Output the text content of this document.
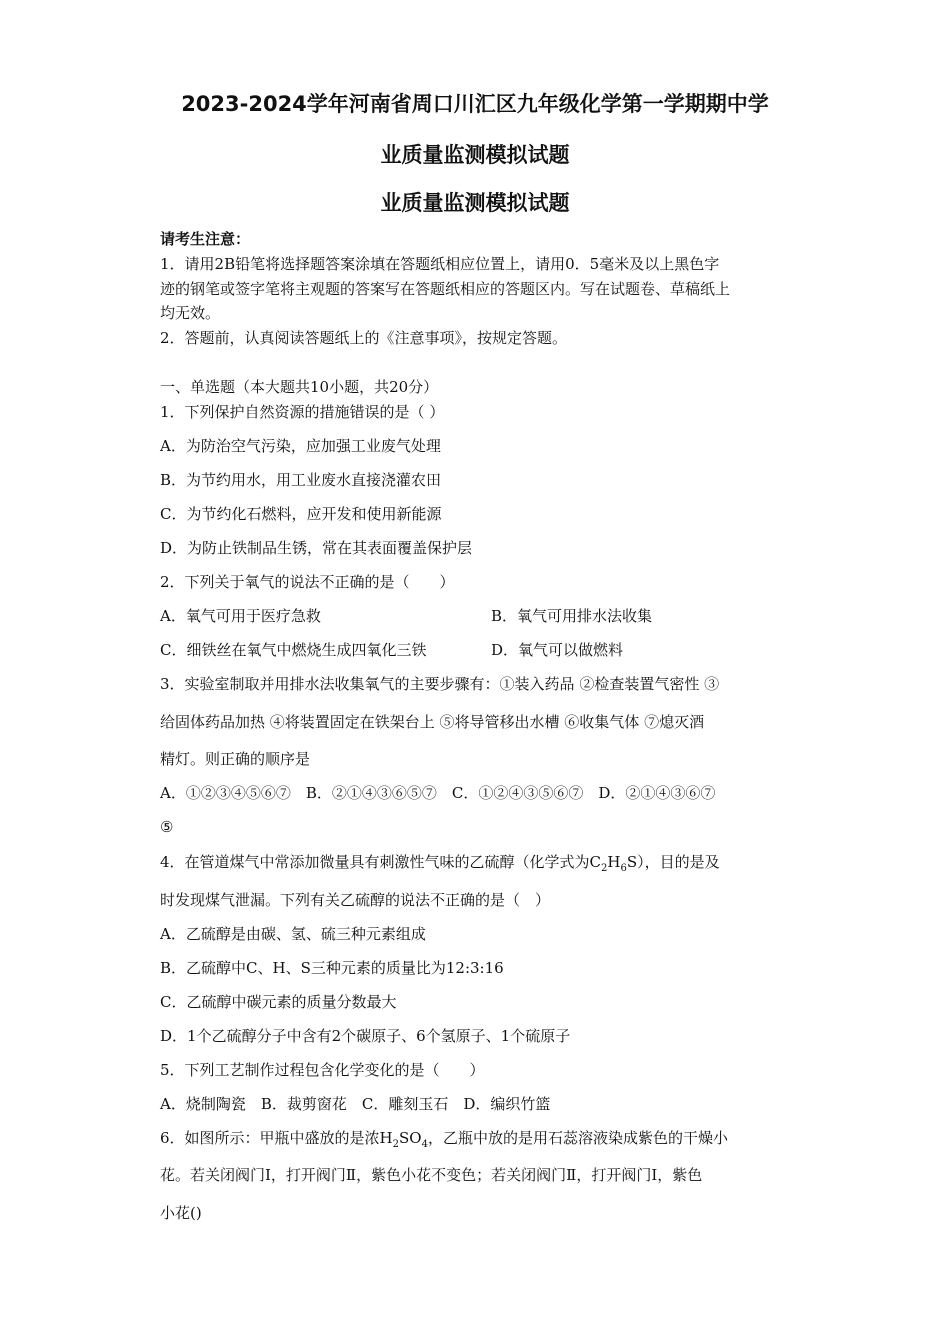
2023-2024学年河南省周口川汇区九年级化学第一学期期中学
业质量监测模拟试题
业质量监测模拟试题
请考生注意：
1．请用2B铅笔将选择题答案涂填在答题纸相应位置上，请用0．5毫米及以上黑色字
迹的钢笔或签字笔将主观题的答案写在答题纸相应的答题区内。写在试题卷、草稿纸上
均无效。
2．答题前，认真阅读答题纸上的《注意事项》，按规定答题。
一、单选题（本大题共10小题，共20分）
1．下列保护自然资源的措施错误的是（ ）
A．为防治空气污染，应加强工业废气处理
B．为节约用水，用工业废水直接浇灌农田
C．为节约化石燃料，应开发和使用新能源
D．为防止铁制品生锈，常在其表面覆盖保护层
2．下列关于氧气的说法不正确的是（　　）
A．氧气可用于医疗急救	B．氧气可用排水法收集
C．细铁丝在氧气中燃烧生成四氧化三铁	D．氧气可以做燃料
3．实验室制取并用排水法收集氧气的主要步骤有：①装入药品 ②检查装置气密性 ③
给固体药品加热 ④将装置固定在铁架台上 ⑤将导管移出水槽 ⑥收集气体 ⑦熄灭酒
精灯。则正确的顺序是
A．①②③④⑤⑥⑦　B．②①④③⑥⑤⑦　C．①②④③⑤⑥⑦　D．②①④③⑥⑦
⑤
4．在管道煤气中常添加微量具有刺激性气味的乙硫醇（化学式为$C_2H_6S$），目的是及
时发现煤气泄漏。下列有关乙硫醇的说法不正确的是（　）
A．乙硫醇是由碳、氢、硫三种元素组成
B．乙硫醇中C、H、S三种元素的质量比为12:3:16
C．乙硫醇中碳元素的质量分数最大
D．1个乙硫醇分子中含有2个碳原子、6个氢原子、1个硫原子
5．下列工艺制作过程包含化学变化的是（　　）
A．烧制陶瓷　B．裁剪窗花　C．雕刻玉石　D．编织竹篮
6．如图所示：甲瓶中盛放的是浓$H_2SO_4$，乙瓶中放的是用石蕊溶液染成紫色的干燥小
花。若关闭阀门Ⅰ，打开阀门Ⅱ，紫色小花不变色；若关闭阀门Ⅱ，打开阀门Ⅰ，紫色
小花()
